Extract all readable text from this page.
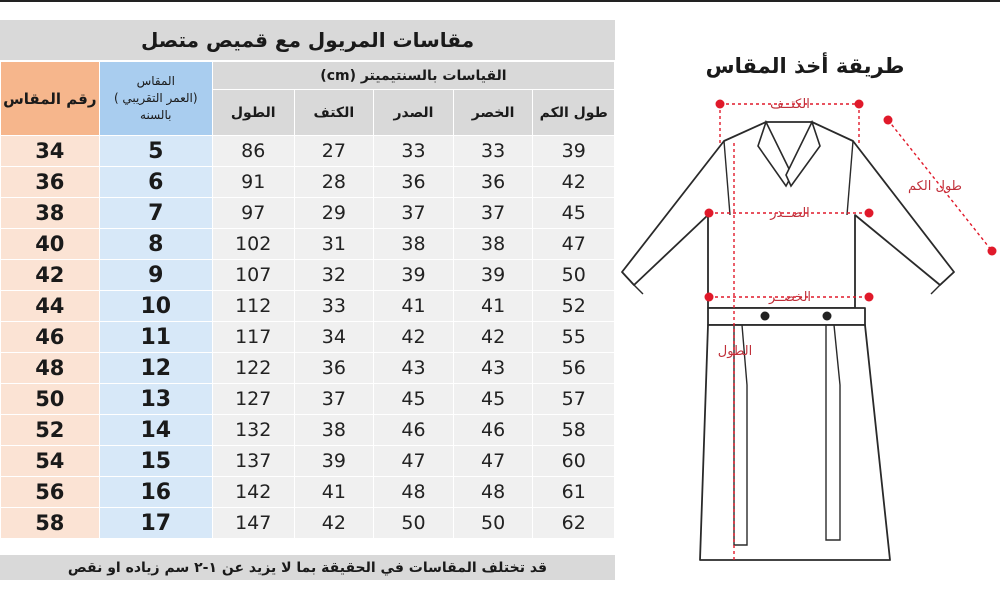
مقاسات المريول مع قميص متصل
رقم المقاس	المقاس
(العمر التقريبي )
بالسنه	القياسات بالسنتيميتر (cm)				
		الطول	الكتف	الصدر	الخصر	طول الكم
34	5	86	27	33	33	39
36	6	91	28	36	36	42
38	7	97	29	37	37	45
40	8	102	31	38	38	47
42	9	107	32	39	39	50
44	10	112	33	41	41	52
46	11	117	34	42	42	55
48	12	122	36	43	43	56
50	13	127	37	45	45	57
52	14	132	38	46	46	58
54	15	137	39	47	47	60
56	16	142	41	48	48	61
58	17	147	42	50	50	62
قد تختلف المقاسات في الحقيقة بما لا يزيد عن ١-٢ سم زياده او نقص
طريقة أخذ المقاس
الكتــف
طول الكم
الصــدر
الخصــر
الطول
